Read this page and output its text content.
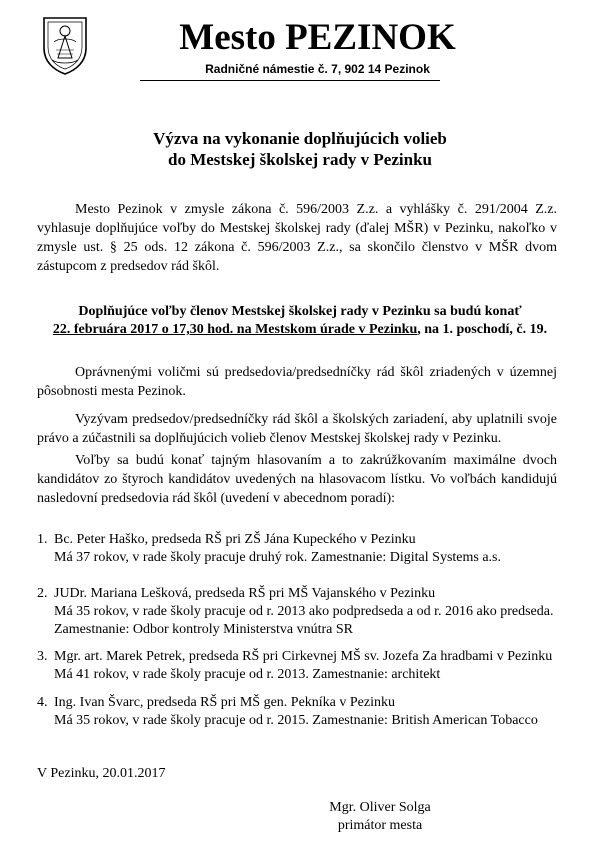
Mesto PEZINOK
Radničné námestie č. 7, 902 14 Pezinok
Výzva na vykonanie doplňujúcich volieb
do Mestskej školskej rady v Pezinku
Mesto Pezinok v zmysle zákona č. 596/2003 Z.z. a vyhlášky č. 291/2004 Z.z. vyhlasuje doplňujúce voľby do Mestskej školskej rady (ďalej MŠR) v Pezinku, nakoľko v zmysle ust. § 25 ods. 12 zákona č. 596/2003 Z.z., sa skončilo členstvo v MŠR dvom zástupcom z predsedov rád škôl.
Doplňujúce voľby členov Mestskej školskej rady v Pezinku sa budú konať
22. februára 2017 o 17,30 hod. na Mestskom úrade v Pezinku, na 1. poschodí, č. 19.
Oprávnenými voličmi sú predsedovia/predsedníčky rád škôl zriadených v územnej pôsobnosti mesta Pezinok.
Vyzývam predsedov/predsedníčky rád škôl a školských zariadení, aby uplatnili svoje právo a zúčastnili sa doplňujúcich volieb členov Mestskej školskej rady v Pezinku.
Voľby sa budú konať tajným hlasovaním a to zakrúžkovaním maximálne dvoch kandidátov zo štyroch kandidátov uvedených na hlasovacom lístku. Vo voľbách kandidujú nasledovní predsedovia rád škôl (uvedení v abecednom poradí):
1. Bc. Peter Haško, predseda RŠ pri ZŠ Jána Kupeckého v Pezinku
Má 37 rokov, v rade školy pracuje druhý rok. Zamestnanie: Digital Systems a.s.
2. JUDr. Mariana Lešková, predseda RŠ pri MŠ Vajanského v Pezinku
Má 35 rokov, v rade školy pracuje od r. 2013 ako podpredseda a od r. 2016 ako predseda.
Zamestnanie: Odbor kontroly Ministerstva vnútra SR
3. Mgr. art. Marek Petrek, predseda RŠ pri Cirkevnej MŠ sv. Jozefa Za hradbami v Pezinku
Má 41 rokov, v rade školy pracuje od r. 2013. Zamestnanie: architekt
4. Ing. Ivan Švarc, predseda RŠ pri MŠ gen. Pekníka v Pezinku
Má 35 rokov, v rade školy pracuje od r. 2015. Zamestnanie: British American Tobacco
V Pezinku, 20.01.2017
Mgr. Oliver Solga
primátor mesta
